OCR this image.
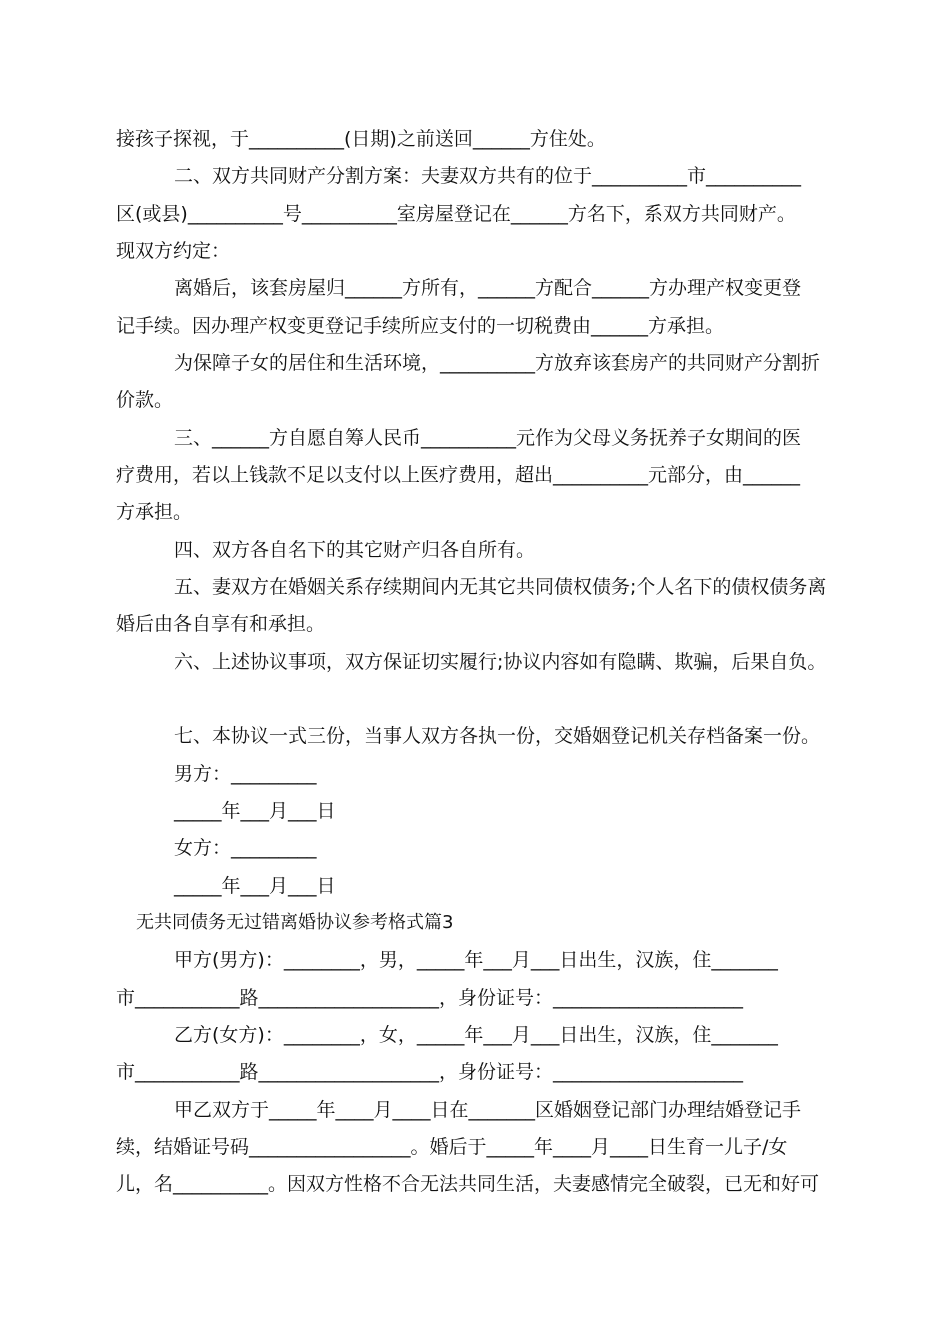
接孩子探视，于__________(日期)之前送回______方住处。
二、双方共同财产分割方案：夫妻双方共有的位于__________市__________
区(或县)__________号__________室房屋登记在______方名下，系双方共同财产。
现双方约定：
离婚后，该套房屋归______方所有，______方配合______方办理产权变更登
记手续。因办理产权变更登记手续所应支付的一切税费由______方承担。
为保障子女的居住和生活环境，__________方放弃该套房产的共同财产分割折
价款。
三、______方自愿自筹人民币__________元作为父母义务抚养子女期间的医
疗费用，若以上钱款不足以支付以上医疗费用，超出__________元部分，由______
方承担。
四、双方各自名下的其它财产归各自所有。
五、妻双方在婚姻关系存续期间内无其它共同债权债务;个人名下的债权债务离
婚后由各自享有和承担。
六、上述协议事项，双方保证切实履行;协议内容如有隐瞒、欺骗，后果自负。
七、本协议一式三份，当事人双方各执一份，交婚姻登记机关存档备案一份。
男方：_________
_____年___月___日
女方：_________
_____年___月___日
无共同债务无过错离婚协议参考格式篇3
甲方(男方)：________，男，_____年___月___日出生，汉族，住_______
市___________路___________________，身份证号：____________________
乙方(女方)：________，女，_____年___月___日出生，汉族，住_______
市___________路___________________，身份证号：____________________
甲乙双方于_____年____月____日在_______区婚姻登记部门办理结婚登记手
续，结婚证号码_________________。婚后于_____年____月____日生育一儿子/女
儿，名__________。因双方性格不合无法共同生活，夫妻感情完全破裂，已无和好可
